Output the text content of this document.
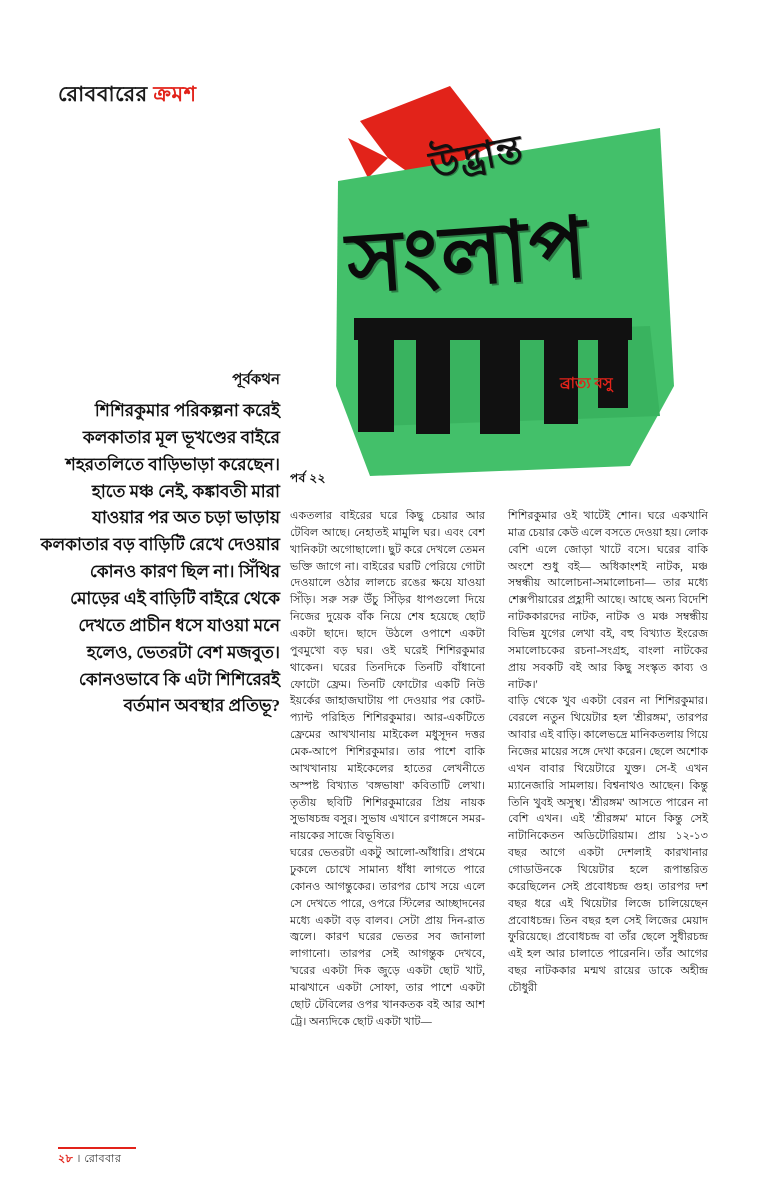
রোববারের ক্রমশ
উদ্ভ্রান্ত
সংলাপ
ব্রাত্য বসু
পূর্বকথন
শিশিরকুমার পরিকল্পনা করেই কলকাতার মূল ভূখণ্ডের বাইরে শহরতলিতে বাড়িভাড়া করেছেন। হাতে মঞ্চ নেই, কঙ্কাবতী মারা যাওয়ার পর অত চড়া ভাড়ায় কলকাতার বড় বাড়িটি রেখে দেওয়ার কোনও কারণ ছিল না। সিঁথির মোড়ের এই বাড়িটি বাইরে থেকে দেখতে প্রাচীন ধসে যাওয়া মনে হলেও, ভেতরটা বেশ মজবুত। কোনওভাবে কি এটা শিশিরেরই বর্তমান অবস্থার প্রতিভূ?
পর্ব ২২

একতলার বাইরের ঘরে কিছু চেয়ার আর টেবিল আছে। নেহাতই মামুলি ঘর। এবং বেশ খানিকটা অগোছালো। ছুট করে দেখলে তেমন ভক্তি জাগে না। বাইরের ঘরটি পেরিয়ে গোটা দেওয়ালে ওঠার লালচে রঙের ক্ষয়ে যাওয়া সিঁড়ি। সরু সরু উঁচু সিঁড়ির ধাপগুলো দিয়ে নিজের দুয়েক বাঁক নিয়ে শেষ হয়েছে ছোট একটা ছাদে। ছাদে উঠলে ওপাশে একটা পুবমুখো বড় ঘর। ওই ঘরেই শিশিরকুমার থাকেন। ঘরের তিনদিকে তিনটি বাঁধানো ফোটো ফ্রেম। তিনটি ফোটোর একটি নিউ ইয়র্কের জাহাজঘাটায় পা দেওয়ার পর কোট-প্যান্ট পরিহিত শিশিরকুমার। আর-একটিতে ফ্রেমের আখখানায় মাইকেল মধুসূদন দত্তর মেক-আপে শিশিরকুমার। তার পাশে বাকি আখখানায় মাইকেলের হাতের লেখনীতে অস্পষ্ট বিখ্যাত 'বঙ্গভাষা' কবিতাটি লেখা। তৃতীয় ছবিটি শিশিরকুমারের প্রিয় নায়ক সুভাষচন্দ্র বসুর। সুভাষ এখানে রণাঙ্গনে সমর-নায়কের সাজে বিভূষিত।

ঘরের ভেতরটা একটু আলো-আঁধারি। প্রথমে ঢুকলে চোখে সামান্য ধাঁধা লাগতে পারে কোনও আগন্তুকের। তারপর চোখ সয়ে এলে সে দেখতে পারে, ওপরে স্টিলের আচ্ছাদনের মধ্যে একটা বড় বালব। সেটা প্রায় দিন-রাত জ্বলে। কারণ ঘরের ভেতর সব জানালা লাগানো। তারপর সেই আগন্তুক দেখবে, 'ঘরের একটা দিক জুড়ে একটা ছোট খাট, মাঝখানে একটা সোফা, তার পাশে একটা ছোট টেবিলের ওপর খানকতক বই আর আশ ট্রে। অন্যদিকে ছোট একটা খাট—

শিশিরকুমার ওই খাটেই শোন। ঘরে একখানি মাত্র চেয়ার কেউ এলে বসতে দেওয়া হয়। লোক বেশি এলে জোড়া খাটে বসে। ঘরের বাকি অংশে শুধু বই— অধিকাংশই নাটক, মঞ্চ সম্বন্ধীয় আলোচনা-সমালোচনা— তার মধ্যে শেক্সপীয়ারের প্রহ্লাদী আছে। আছে অন্য বিদেশি নাটককারদের নাটক, নাটক ও মঞ্চ সম্বন্ধীয় বিভিন্ন যুগের লেখা বই, বহু বিখ্যাত ইংরেজ সমালোচকের রচনা-সংগ্রহ, বাংলা নাটকের প্রায় সবকটি বই আর কিছু সংস্কৃত কাব্য ও নাটক।'

বাড়ি থেকে খুব একটা বেরন না শিশিরকুমার। বেরলে নতুন থিয়েটার হল 'শ্রীরঙ্গম', তারপর আবার এই বাড়ি। কালেভদ্রে মানিকতলায় গিয়ে নিজের মায়ের সঙ্গে দেখা করেন। ছেলে অশোক এখন বাবার থিয়েটারে যুক্ত। সে-ই এখন ম্যানেজারি সামলায়। বিশ্বনাথও আছেন। কিন্তু তিনি খুবই অসুস্থ। 'শ্রীরঙ্গম' আসতে পারেন না বেশি এখন। এই 'শ্রীরঙ্গম' মানে কিন্তু সেই নাটানিকেতন অডিটোরিয়াম। প্রায় ১২-১৩ বছর আগে একটা দেশলাই কারখানার গোডাউনকে থিয়েটার হলে রূপান্তরিত করেছিলেন সেই প্রবোধচন্দ্র গুহ। তারপর দশ বছর ধরে এই থিয়েটার লিজে চালিয়েছেন প্রবোধচন্দ্র। তিন বছর হল সেই লিজের মেয়াদ ফুরিয়েছে। প্রবোধচন্দ্র বা তাঁর ছেলে সুধীরচন্দ্র এই হল আর চালাতে পারেননি। তাঁর আগের বছর নাটককার মন্মথ রায়ের ডাকে অহীন্দ্র চৌধুরী

২৮ । রোববার
